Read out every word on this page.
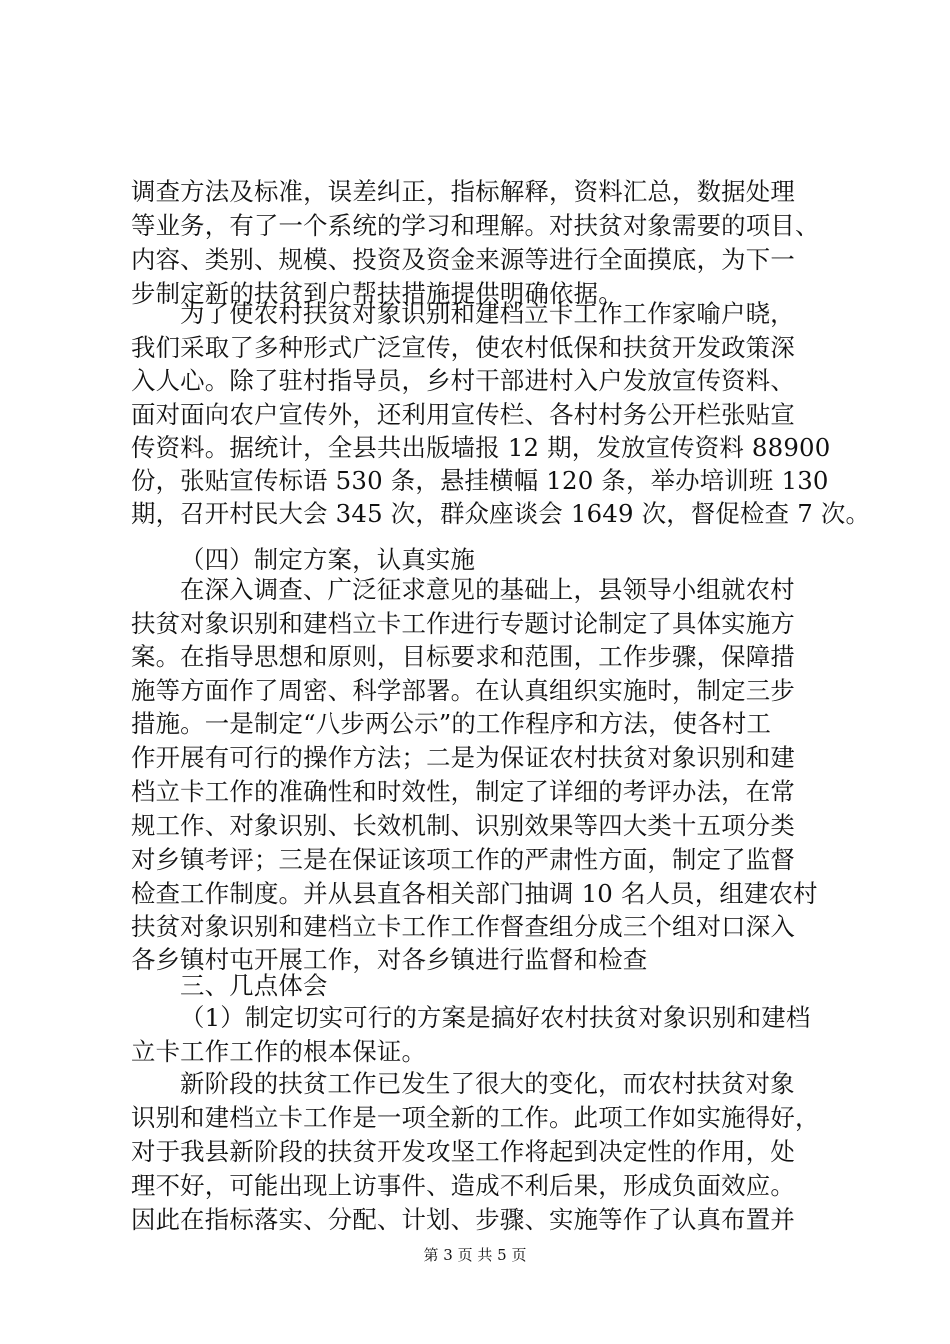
调查方法及标准，误差纠正，指标解释，资料汇总，数据处理
等业务，有了一个系统的学习和理解。对扶贫对象需要的项目、
内容、类别、规模、投资及资金来源等进行全面摸底，为下一
步制定新的扶贫到户帮扶措施提供明确依据。
为了使农村扶贫对象识别和建档立卡工作工作家喻户晓，
我们采取了多种形式广泛宣传，使农村低保和扶贫开发政策深
入人心。除了驻村指导员，乡村干部进村入户发放宣传资料、
面对面向农户宣传外，还利用宣传栏、各村村务公开栏张贴宣
传资料。据统计，全县共出版墙报 12 期，发放宣传资料 88900
份，张贴宣传标语 530 条，悬挂横幅 120 条，举办培训班 130
期，召开村民大会 345 次，群众座谈会 1649 次，督促检查 7 次。
（四）制定方案，认真实施
在深入调查、广泛征求意见的基础上，县领导小组就农村
扶贫对象识别和建档立卡工作进行专题讨论制定了具体实施方
案。在指导思想和原则，目标要求和范围，工作步骤，保障措
施等方面作了周密、科学部署。在认真组织实施时，制定三步
措施。一是制定“八步两公示”的工作程序和方法，使各村工
作开展有可行的操作方法；二是为保证农村扶贫对象识别和建
档立卡工作的准确性和时效性，制定了详细的考评办法，在常
规工作、对象识别、长效机制、识别效果等四大类十五项分类
对乡镇考评；三是在保证该项工作的严肃性方面，制定了监督
检查工作制度。并从县直各相关部门抽调 10 名人员，组建农村
扶贫对象识别和建档立卡工作工作督查组分成三个组对口深入
各乡镇村屯开展工作，对各乡镇进行监督和检查
三、几点体会
（1）制定切实可行的方案是搞好农村扶贫对象识别和建档
立卡工作工作的根本保证。
新阶段的扶贫工作已发生了很大的变化，而农村扶贫对象
识别和建档立卡工作是一项全新的工作。此项工作如实施得好，
对于我县新阶段的扶贫开发攻坚工作将起到决定性的作用，处
理不好，可能出现上访事件、造成不利后果，形成负面效应。
因此在指标落实、分配、计划、步骤、实施等作了认真布置并
第 3 页 共 5 页
